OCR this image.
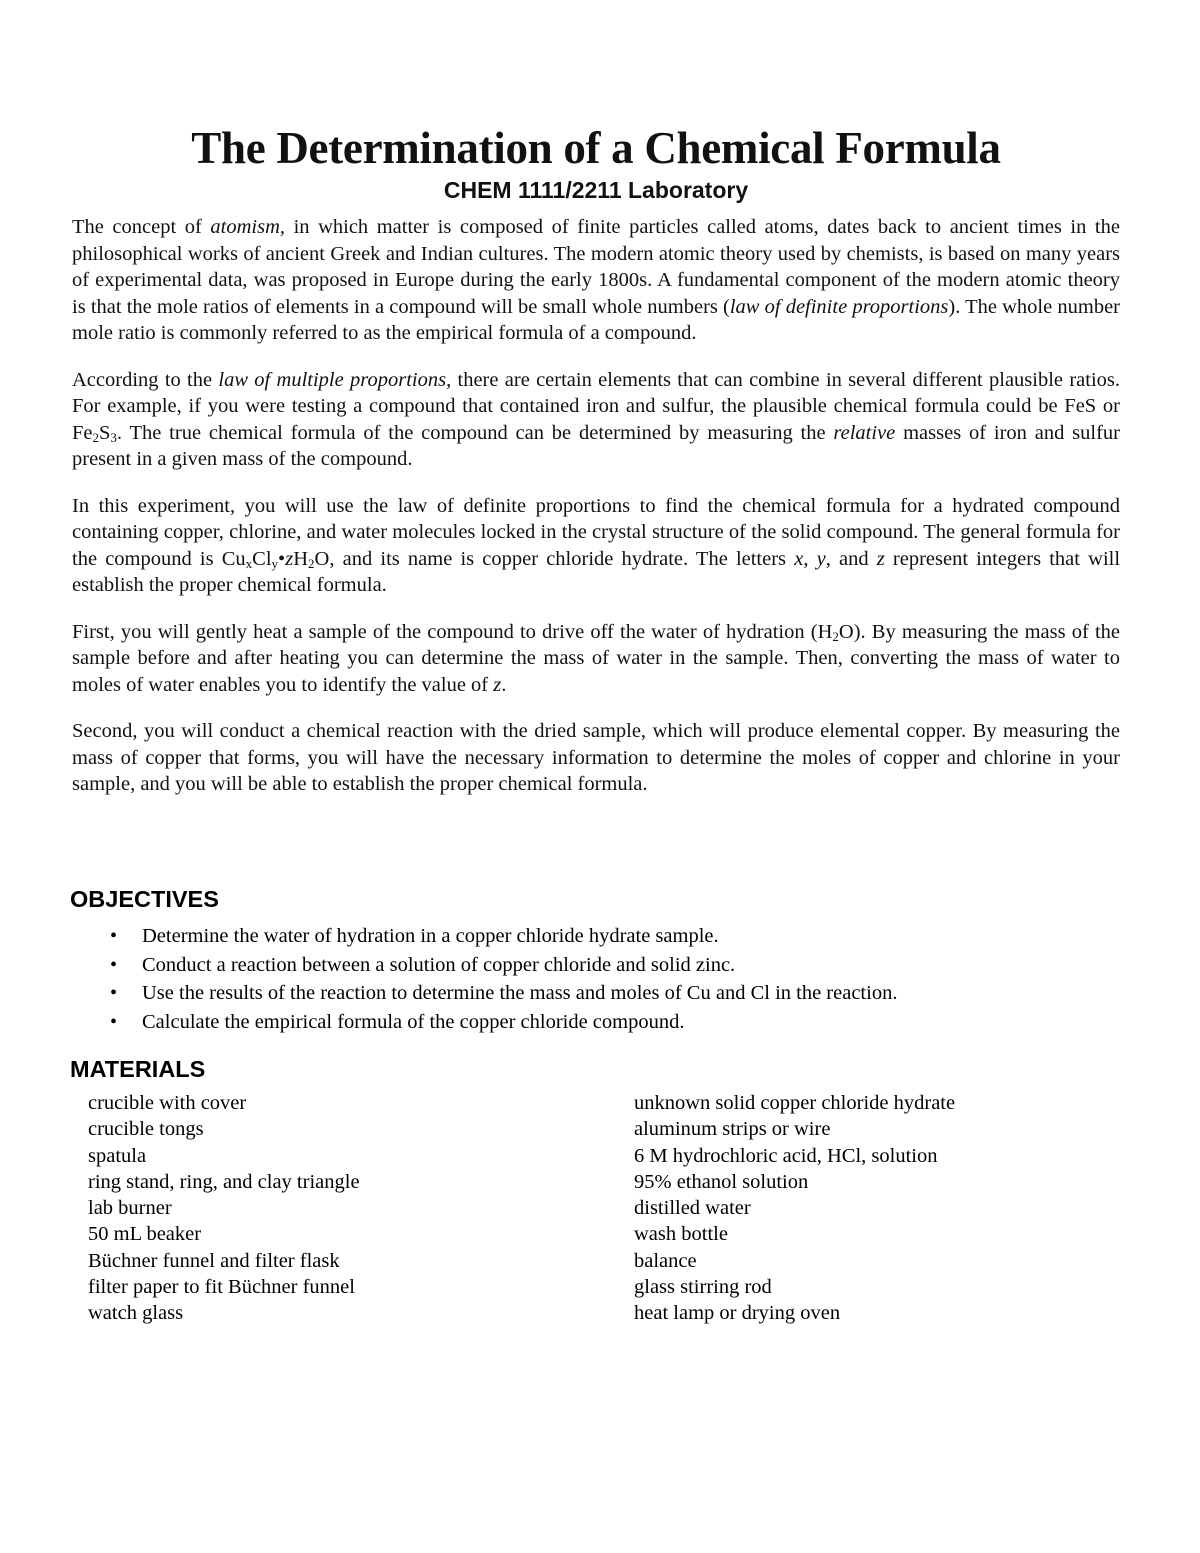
The Determination of a Chemical Formula
CHEM 1111/2211 Laboratory

The concept of atomism, in which matter is composed of finite particles called atoms, dates back to ancient times in the philosophical works of ancient Greek and Indian cultures. The modern atomic theory used by chemists, is based on many years of experimental data, was proposed in Europe during the early 1800s. A fundamental component of the modern atomic theory is that the mole ratios of elements in a compound will be small whole numbers (law of definite proportions). The whole number mole ratio is commonly referred to as the empirical formula of a compound.

According to the law of multiple proportions, there are certain elements that can combine in several different plausible ratios. For example, if you were testing a compound that contained iron and sulfur, the plausible chemical formula could be FeS or $Fe_2S_3$. The true chemical formula of the compound can be determined by measuring the relative masses of iron and sulfur present in a given mass of the compound.

In this experiment, you will use the law of definite proportions to find the chemical formula for a hydrated compound containing copper, chlorine, and water molecules locked in the crystal structure of the solid compound. The general formula for the compound is $Cu_xCl_y•zH_2O$, and its name is copper chloride hydrate. The letters x, y, and z represent integers that will establish the proper chemical formula.

First, you will gently heat a sample of the compound to drive off the water of hydration $(H_2O)$. By measuring the mass of the sample before and after heating you can determine the mass of water in the sample. Then, converting the mass of water to moles of water enables you to identify the value of z.

Second, you will conduct a chemical reaction with the dried sample, which will produce elemental copper. By measuring the mass of copper that forms, you will have the necessary information to determine the moles of copper and chlorine in your sample, and you will be able to establish the proper chemical formula.

OBJECTIVES
• Determine the water of hydration in a copper chloride hydrate sample.
• Conduct a reaction between a solution of copper chloride and solid zinc.
• Use the results of the reaction to determine the mass and moles of Cu and Cl in the reaction.
• Calculate the empirical formula of the copper chloride compound.
MATERIALS
crucible with cover
crucible tongs
spatula
ring stand, ring, and clay triangle
lab burner
50 mL beaker
Büchner funnel and filter flask
filter paper to fit Büchner funnel
watch glass
unknown solid copper chloride hydrate
aluminum strips or wire
6 M hydrochloric acid, HCl, solution
95% ethanol solution
distilled water
wash bottle
balance
glass stirring rod
heat lamp or drying oven
